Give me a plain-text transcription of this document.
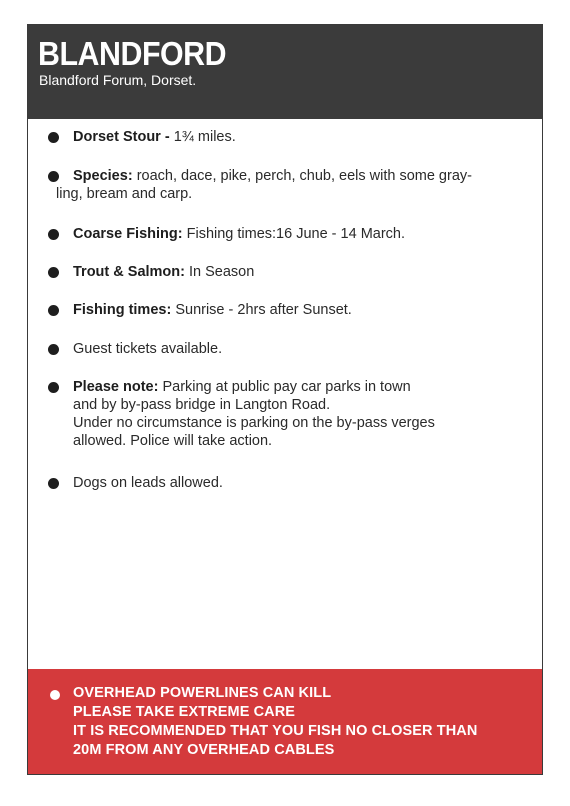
BLANDFORD

Blandford Forum, Dorset.

Dorset Stour - 1¾ miles.
Species: roach, dace, pike, perch, chub, eels with some gray-
ling, bream and carp.
Coarse Fishing: Fishing times:16 June - 14 March.
Trout & Salmon: In Season
Fishing times: Sunrise - 2hrs after Sunset.
Guest tickets available.
Please note: Parking at public pay car parks in town
and by by-pass bridge in Langton Road.
Under no circumstance is parking on the by-pass verges
allowed. Police will take action.
Dogs on leads allowed.
OVERHEAD POWERLINES CAN KILL
PLEASE TAKE EXTREME CARE
IT IS RECOMMENDED THAT YOU FISH NO CLOSER THAN
20M FROM ANY OVERHEAD CABLES
